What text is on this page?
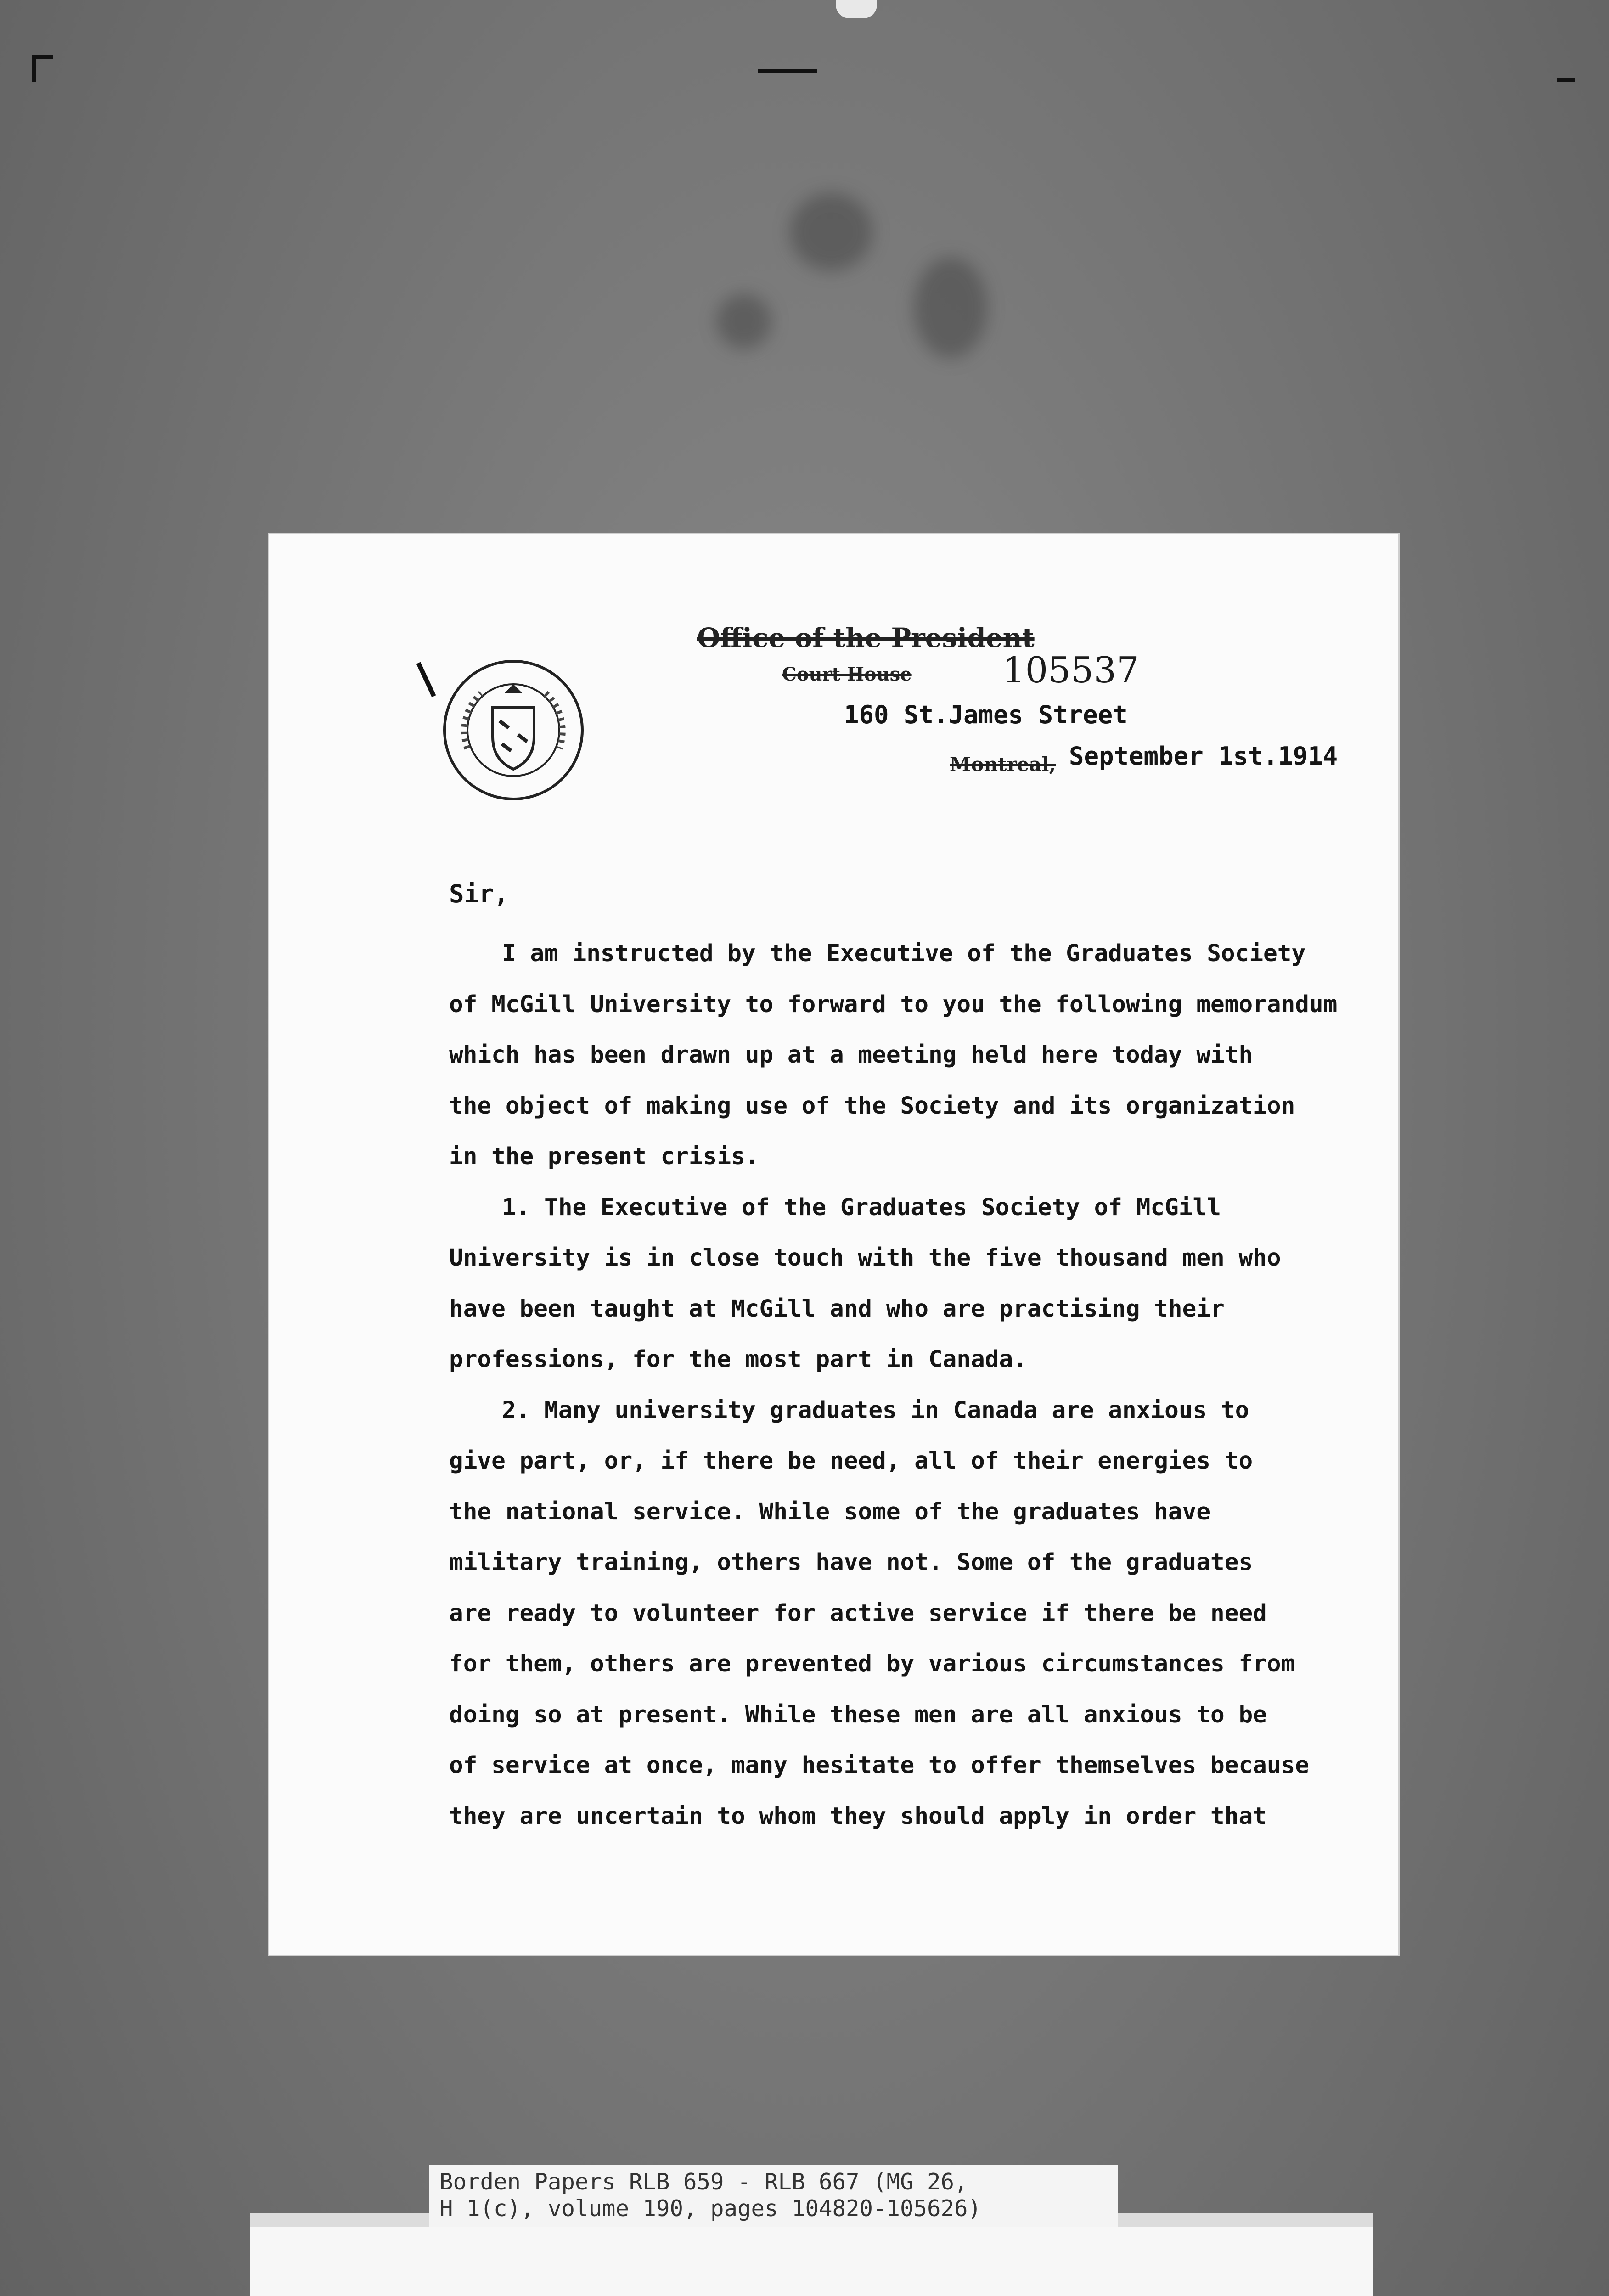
Office of the President
Court House	105537
160 St.James Street
Montreal, September 1st.1914
Sir,
I am instructed by the Executive of the Graduates Society
of McGill University to forward to you the following memorandum
which has been drawn up at a meeting held here today with
the object of making use of the Society and its organization
in the present crisis.
1. The Executive of the Graduates Society of McGill
University is in close touch with the five thousand men who
have been taught at McGill and who are practising their
professions, for the most part in Canada.
2. Many university graduates in Canada are anxious to
give part, or, if there be need, all of their energies to
the national service. While some of the graduates have
military training, others have not. Some of the graduates
are ready to volunteer for active service if there be need
for them, others are prevented by various circumstances from
doing so at present. While these men are all anxious to be
of service at once, many hesitate to offer themselves because
they are uncertain to whom they should apply in order that
Borden Papers RLB 659 - RLB 667 (MG 26,
H 1(c), volume 190, pages 104820-105626)
